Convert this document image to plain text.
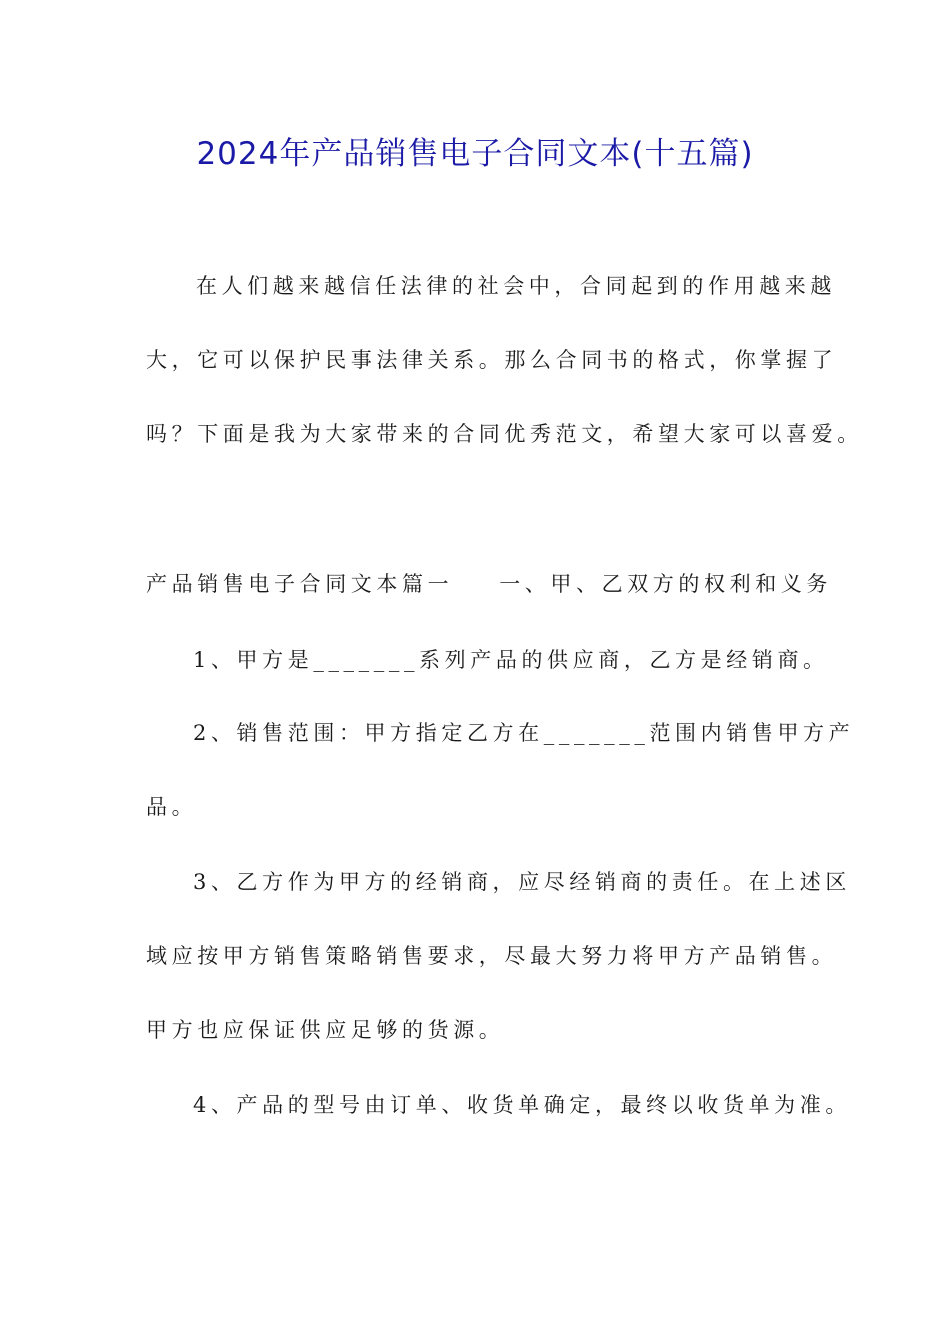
2024年产品销售电子合同文本(十五篇)
在人们越来越信任法律的社会中，合同起到的作用越来越
大，它可以保护民事法律关系。那么合同书的格式，你掌握了
吗？下面是我为大家带来的合同优秀范文，希望大家可以喜爱。
产品销售电子合同文本篇一 一、甲、乙双方的权利和义务
1、甲方是_______系列产品的供应商，乙方是经销商。
2、销售范围：甲方指定乙方在_______范围内销售甲方产
品。
3、乙方作为甲方的经销商，应尽经销商的责任。在上述区
域应按甲方销售策略销售要求，尽最大努力将甲方产品销售。
甲方也应保证供应足够的货源。
4、产品的型号由订单、收货单确定，最终以收货单为准。
